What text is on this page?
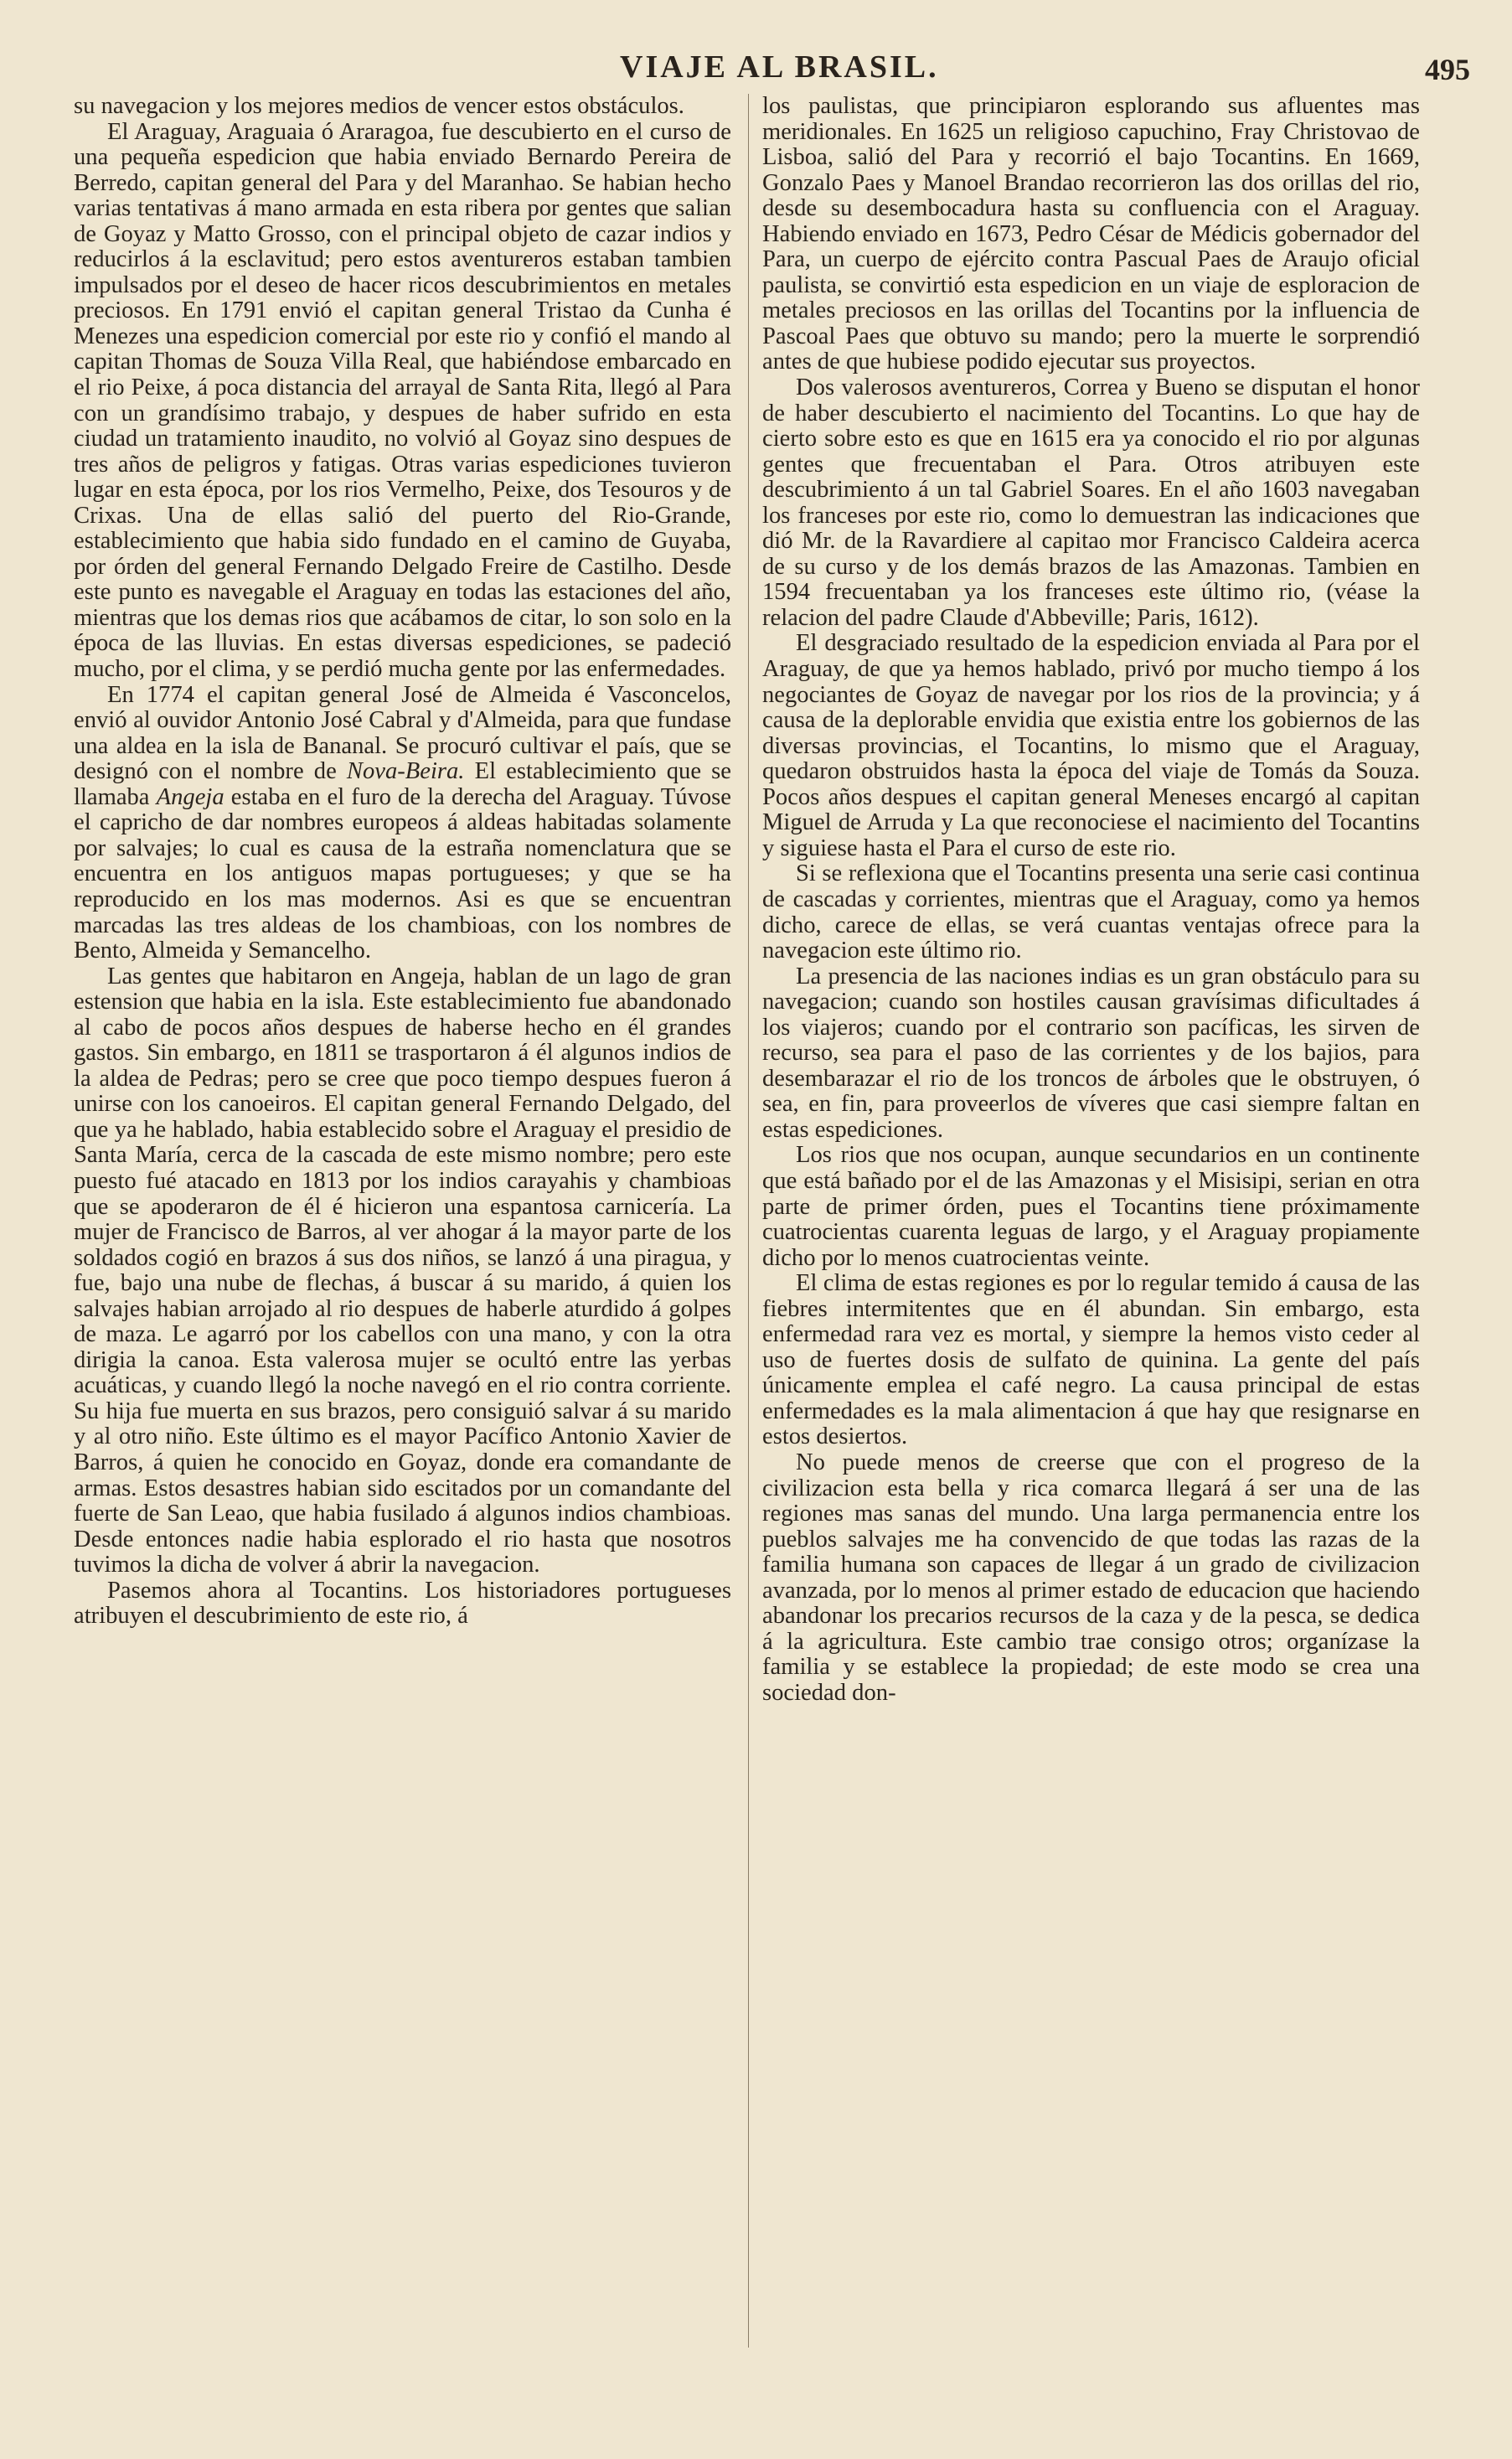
VIAJE AL BRASIL.	495

su navegacion y los mejores medios de vencer estos obstáculos.

El Araguay, Araguaia ó Araragoa, fue descubierto en el curso de una pequeña espedicion que habia enviado Bernardo Pereira de Berredo, capitan general del Para y del Maranhao. Se habian hecho varias tentativas á mano armada en esta ribera por gentes que salian de Goyaz y Matto Grosso, con el principal objeto de cazar indios y reducirlos á la esclavitud; pero estos aventureros estaban tambien impulsados por el deseo de hacer ricos descubrimientos en metales preciosos. En 1791 envió el capitan general Tristao da Cunha é Menezes una espedicion comercial por este rio y confió el mando al capitan Thomas de Souza Villa Real, que habiéndose embarcado en el rio Peixe, á poca distancia del arrayal de Santa Rita, llegó al Para con un grandísimo trabajo, y despues de haber sufrido en esta ciudad un tratamiento inaudito, no volvió al Goyaz sino despues de tres años de peligros y fatigas. Otras varias espediciones tuvieron lugar en esta época, por los rios Vermelho, Peixe, dos Tesouros y de Crixas. Una de ellas salió del puerto del Rio-Grande, establecimiento que habia sido fundado en el camino de Guyaba, por órden del general Fernando Delgado Freire de Castilho. Desde este punto es navegable el Araguay en todas las estaciones del año, mientras que los demas rios que acábamos de citar, lo son solo en la época de las lluvias. En estas diversas espediciones, se padeció mucho, por el clima, y se perdió mucha gente por las enfermedades.

En 1774 el capitan general José de Almeida é Vasconcelos, envió al ouvidor Antonio José Cabral y d'Almeida, para que fundase una aldea en la isla de Bananal. Se procuró cultivar el país, que se designó con el nombre de Nova-Beira. El establecimiento que se llamaba Angeja estaba en el furo de la derecha del Araguay. Túvose el capricho de dar nombres europeos á aldeas habitadas solamente por salvajes; lo cual es causa de la estraña nomenclatura que se encuentra en los antiguos mapas portugueses; y que se ha reproducido en los mas modernos. Asi es que se encuentran marcadas las tres aldeas de los chambioas, con los nombres de Bento, Almeida y Semancelho.

Las gentes que habitaron en Angeja, hablan de un lago de gran estension que habia en la isla. Este establecimiento fue abandonado al cabo de pocos años despues de haberse hecho en él grandes gastos. Sin embargo, en 1811 se trasportaron á él algunos indios de la aldea de Pedras; pero se cree que poco tiempo despues fueron á unirse con los canoeiros. El capitan general Fernando Delgado, del que ya he hablado, habia establecido sobre el Araguay el presidio de Santa María, cerca de la cascada de este mismo nombre; pero este puesto fué atacado en 1813 por los indios carayahis y chambioas que se apoderaron de él é hicieron una espantosa carnicería. La mujer de Francisco de Barros, al ver ahogar á la mayor parte de los soldados cogió en brazos á sus dos niños, se lanzó á una piragua, y fue, bajo una nube de flechas, á buscar á su marido, á quien los salvajes habian arrojado al rio despues de haberle aturdido á golpes de maza. Le agarró por los cabellos con una mano, y con la otra dirigia la canoa. Esta valerosa mujer se ocultó entre las yerbas acuáticas, y cuando llegó la noche navegó en el rio contra corriente. Su hija fue muerta en sus brazos, pero consiguió salvar á su marido y al otro niño. Este último es el mayor Pacífico Antonio Xavier de Barros, á quien he conocido en Goyaz, donde era comandante de armas. Estos desastres habian sido escitados por un comandante del fuerte de San Leao, que habia fusilado á algunos indios chambioas. Desde entonces nadie habia esplorado el rio hasta que nosotros tuvimos la dicha de volver á abrir la navegacion.

Pasemos ahora al Tocantins. Los historiadores portugueses atribuyen el descubrimiento de este rio, á

los paulistas, que principiaron esplorando sus afluentes mas meridionales. En 1625 un religioso capuchino, Fray Christovao de Lisboa, salió del Para y recorrió el bajo Tocantins. En 1669, Gonzalo Paes y Manoel Brandao recorrieron las dos orillas del rio, desde su desembocadura hasta su confluencia con el Araguay. Habiendo enviado en 1673, Pedro César de Médicis gobernador del Para, un cuerpo de ejército contra Pascual Paes de Araujo oficial paulista, se convirtió esta espedicion en un viaje de esploracion de metales preciosos en las orillas del Tocantins por la influencia de Pascoal Paes que obtuvo su mando; pero la muerte le sorprendió antes de que hubiese podido ejecutar sus proyectos.

Dos valerosos aventureros, Correa y Bueno se disputan el honor de haber descubierto el nacimiento del Tocantins. Lo que hay de cierto sobre esto es que en 1615 era ya conocido el rio por algunas gentes que frecuentaban el Para. Otros atribuyen este descubrimiento á un tal Gabriel Soares. En el año 1603 navegaban los franceses por este rio, como lo demuestran las indicaciones que dió Mr. de la Ravardiere al capitao mor Francisco Caldeira acerca de su curso y de los demás brazos de las Amazonas. Tambien en 1594 frecuentaban ya los franceses este último rio, (véase la relacion del padre Claude d'Abbeville; Paris, 1612).

El desgraciado resultado de la espedicion enviada al Para por el Araguay, de que ya hemos hablado, privó por mucho tiempo á los negociantes de Goyaz de navegar por los rios de la provincia; y á causa de la deplorable envidia que existia entre los gobiernos de las diversas provincias, el Tocantins, lo mismo que el Araguay, quedaron obstruidos hasta la época del viaje de Tomás da Souza. Pocos años despues el capitan general Meneses encargó al capitan Miguel de Arruda y La que reconociese el nacimiento del Tocantins y siguiese hasta el Para el curso de este rio.

Si se reflexiona que el Tocantins presenta una serie casi continua de cascadas y corrientes, mientras que el Araguay, como ya hemos dicho, carece de ellas, se verá cuantas ventajas ofrece para la navegacion este último rio.

La presencia de las naciones indias es un gran obstáculo para su navegacion; cuando son hostiles causan gravísimas dificultades á los viajeros; cuando por el contrario son pacíficas, les sirven de recurso, sea para el paso de las corrientes y de los bajios, para desembarazar el rio de los troncos de árboles que le obstruyen, ó sea, en fin, para proveerlos de víveres que casi siempre faltan en estas espediciones.

Los rios que nos ocupan, aunque secundarios en un continente que está bañado por el de las Amazonas y el Misisipi, serian en otra parte de primer órden, pues el Tocantins tiene próximamente cuatrocientas cuarenta leguas de largo, y el Araguay propiamente dicho por lo menos cuatrocientas veinte.

El clima de estas regiones es por lo regular temido á causa de las fiebres intermitentes que en él abundan. Sin embargo, esta enfermedad rara vez es mortal, y siempre la hemos visto ceder al uso de fuertes dosis de sulfato de quinina. La gente del país únicamente emplea el café negro. La causa principal de estas enfermedades es la mala alimentacion á que hay que resignarse en estos desiertos.

No puede menos de creerse que con el progreso de la civilizacion esta bella y rica comarca llegará á ser una de las regiones mas sanas del mundo. Una larga permanencia entre los pueblos salvajes me ha convencido de que todas las razas de la familia humana son capaces de llegar á un grado de civilizacion avanzada, por lo menos al primer estado de educacion que haciendo abandonar los precarios recursos de la caza y de la pesca, se dedica á la agricultura. Este cambio trae consigo otros; organízase la familia y se establece la propiedad; de este modo se crea una sociedad don-
